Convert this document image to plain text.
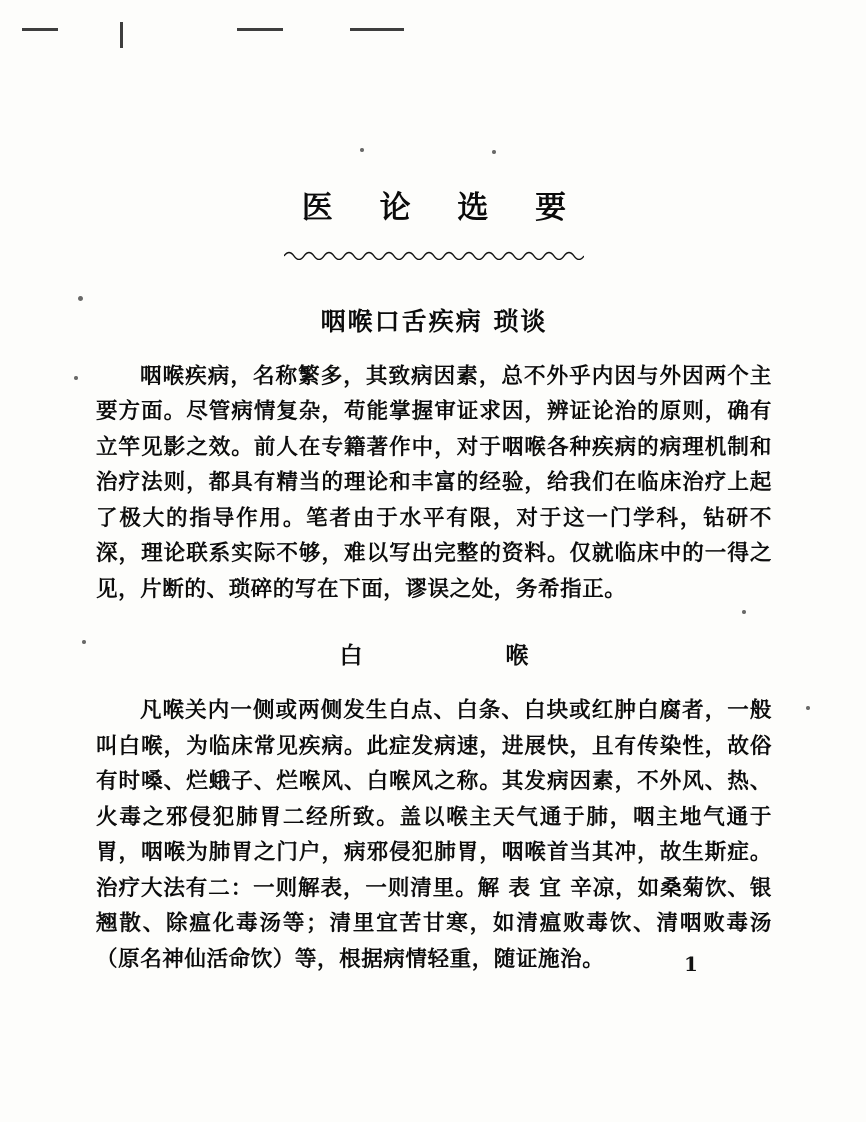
医 论 选 要
咽喉口舌疾病 琐谈

咽喉疾病，名称繁多，其致病因素，总不外乎内因与外因两个主要方面。尽管病情复杂，苟能掌握审证求因，辨证论治的原则，确有立竿见影之效。前人在专籍著作中，对于咽喉各种疾病的病理机制和治疗法则，都具有精当的理论和丰富的经验，给我们在临床治疗上起了极大的指导作用。笔者由于水平有限，对于这一门学科，钻研不深，理论联系实际不够，难以写出完整的资料。仅就临床中的一得之见，片断的、琐碎的写在下面，谬误之处，务希指正。

白　喉

凡喉关内一侧或两侧发生白点、白条、白块或红肿白腐者，一般叫白喉，为临床常见疾病。此症发病速，进展快，且有传染性，故俗有时嗓、烂蛾子、烂喉风、白喉风之称。其发病因素，不外风、热、火毒之邪侵犯肺胃二经所致。盖以喉主天气通于肺，咽主地气通于胃，咽喉为肺胃之门户，病邪侵犯肺胃，咽喉首当其冲，故生斯症。治疗大法有二：一则解表，一则清里。解 表 宜 辛凉，如桑菊饮、银翘散、除瘟化毒汤等；清里宜苦甘寒，如清瘟败毒饮、清咽败毒汤（原名神仙活命饮）等，根据病情轻重，随证施治。	1
